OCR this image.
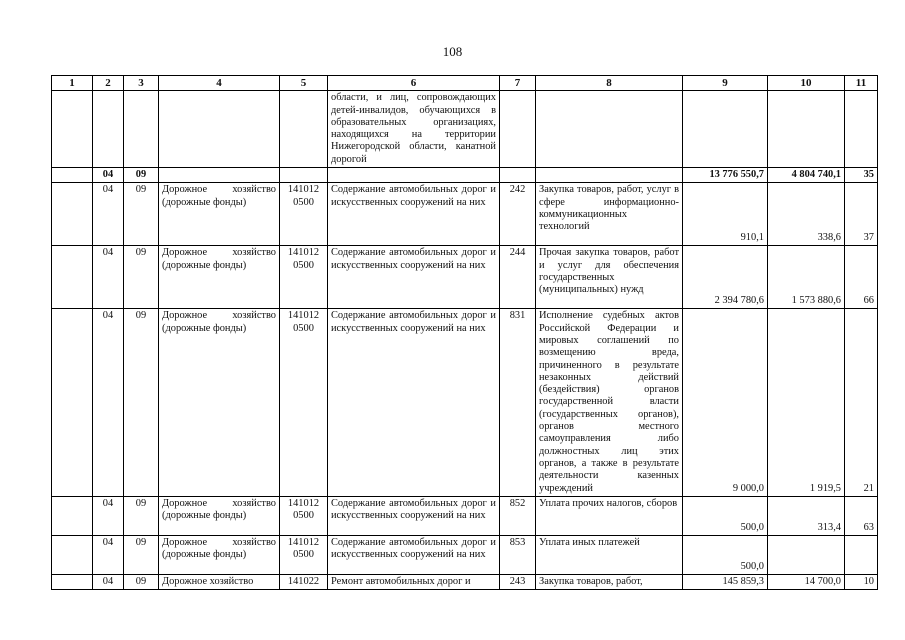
108
1	2	3	4	5	6	7	8	9	10	11
					области, и лиц, сопровождающих детей-инвалидов, обучающихся в образовательных организациях, находящихся на территории Нижегородской области, канатной дорогой					
	04	09						13 776 550,7	4 804 740,1	35
	04	09	Дорожное хозяйство (дорожные фонды)	141012 0500	Содержание автомобильных дорог и искусственных сооружений на них	242	Закупка товаров, работ, услуг в сфере информационно-коммуникационных технологий	910,1	338,6	37
	04	09	Дорожное хозяйство (дорожные фонды)	141012 0500	Содержание автомобильных дорог и искусственных сооружений на них	244	Прочая закупка товаров, работ и услуг для обеспечения государственных (муниципальных) нужд	2 394 780,6	1 573 880,6	66
	04	09	Дорожное хозяйство (дорожные фонды)	141012 0500	Содержание автомобильных дорог и искусственных сооружений на них	831	Исполнение судебных актов Российской Федерации и мировых соглашений по возмещению вреда, причиненного в результате незаконных действий (бездействия) органов государственной власти (государственных органов), органов местного самоуправления либо должностных лиц этих органов, а также в результате деятельности казенных учреждений	9 000,0	1 919,5	21
	04	09	Дорожное хозяйство (дорожные фонды)	141012 0500	Содержание автомобильных дорог и искусственных сооружений на них	852	Уплата прочих налогов, сборов	500,0	313,4	63
	04	09	Дорожное хозяйство (дорожные фонды)	141012 0500	Содержание автомобильных дорог и искусственных сооружений на них	853	Уплата иных платежей	500,0		
	04	09	Дорожное хозяйство	141022	Ремонт автомобильных дорог и	243	Закупка товаров, работ,	145 859,3	14 700,0	10
